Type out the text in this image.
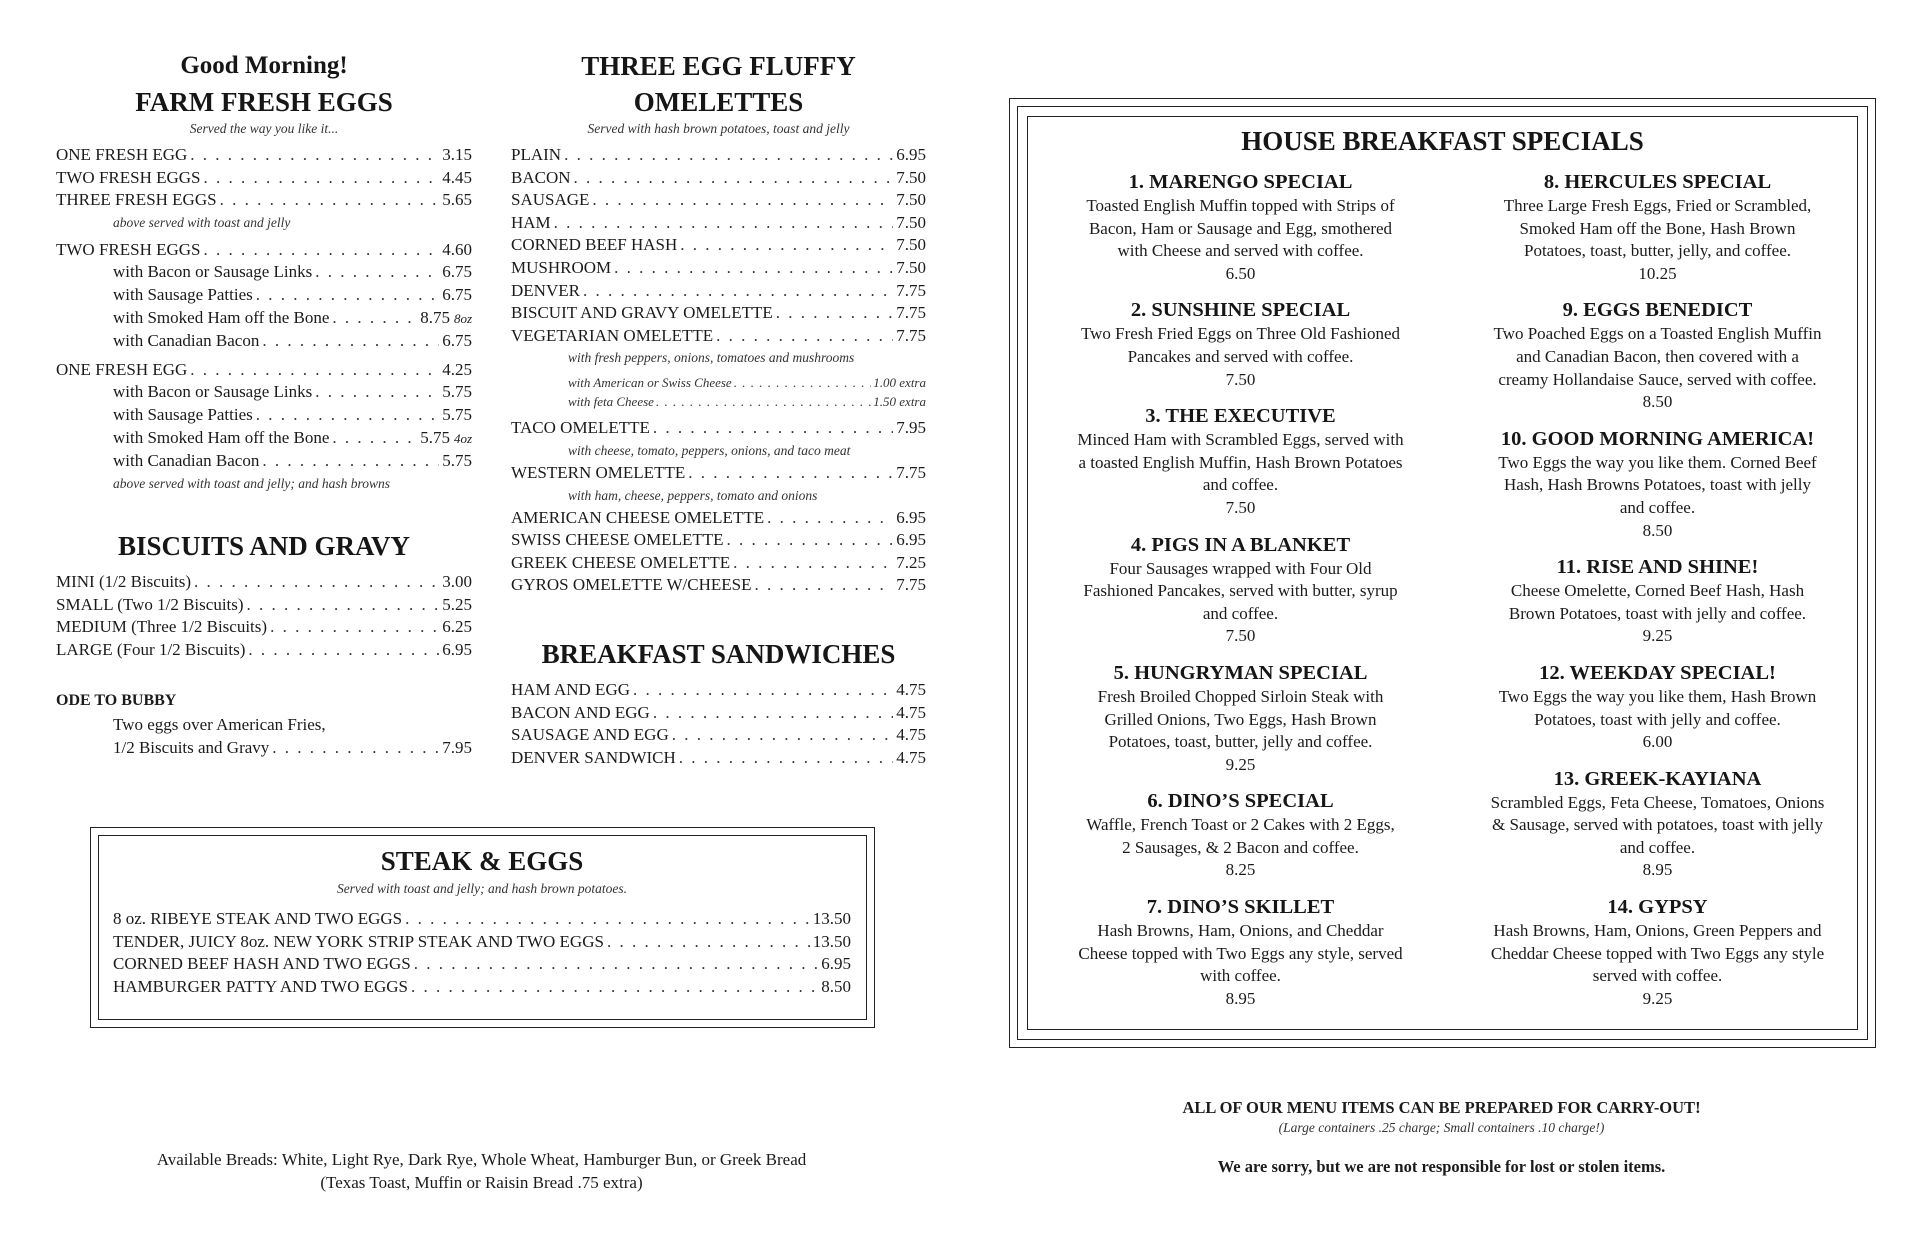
Good Morning!
FARM FRESH EGGS
Served the way you like it...
ONE FRESH EGG . . .	3.15
TWO FRESH EGGS . . .	4.45
THREE FRESH EGGS . . .	5.65
above served with toast and jelly
TWO FRESH EGGS . . .	4.60
with Bacon or Sausage Links . . .	6.75
with Sausage Patties . . .	6.75
with Smoked Ham off the Bone . . .	8.75 8oz
with Canadian Bacon . . .	6.75
ONE FRESH EGG . . .	4.25
with Bacon or Sausage Links . . .	5.75
with Sausage Patties . . .	5.75
with Smoked Ham off the Bone . . .	5.75 4oz
with Canadian Bacon . . .	5.75
above served with toast and jelly; and hash browns
BISCUITS AND GRAVY
MINI (1/2 Biscuits) . . .	3.00
SMALL (Two 1/2 Biscuits) . . .	5.25
MEDIUM (Three 1/2 Biscuits) . . .	6.25
LARGE (Four 1/2 Biscuits) . . .	6.95
ODE TO BUBBY
Two eggs over American Fries,
1/2 Biscuits and Gravy . . .	7.95
THREE EGG FLUFFY
OMELETTES
Served with hash brown potatoes, toast and jelly
PLAIN . . .	6.95
BACON . . .	7.50
SAUSAGE . . .	7.50
HAM . . .	7.50
CORNED BEEF HASH . . .	7.50
MUSHROOM . . .	7.50
DENVER . . .	7.75
BISCUIT AND GRAVY OMELETTE . . .	7.75
VEGETARIAN OMELETTE . . .	7.75
with fresh peppers, onions, tomatoes and mushrooms
with American or Swiss Cheese . . .	1.00 extra
with feta Cheese . . .	1.50 extra
TACO OMELETTE . . .	7.95
with cheese, tomato, peppers, onions, and taco meat
WESTERN OMELETTE . . .	7.75
with ham, cheese, peppers, tomato and onions
AMERICAN CHEESE OMELETTE . . .	6.95
SWISS CHEESE OMELETTE . . .	6.95
GREEK CHEESE OMELETTE . . .	7.25
GYROS OMELETTE W/CHEESE . . .	7.75
BREAKFAST SANDWICHES
HAM AND EGG . . .	4.75
BACON AND EGG . . .	4.75
SAUSAGE AND EGG . . .	4.75
DENVER SANDWICH . . .	4.75
STEAK & EGGS
Served with toast and jelly; and hash brown potatoes.
8 oz. RIBEYE STEAK AND TWO EGGS . . .	13.50
TENDER, JUICY 8oz. NEW YORK STRIP STEAK AND TWO EGGS . . .	13.50
CORNED BEEF HASH AND TWO EGGS . . .	6.95
HAMBURGER PATTY AND TWO EGGS . . .	8.50
Available Breads: White, Light Rye, Dark Rye, Whole Wheat, Hamburger Bun, or Greek Bread
(Texas Toast, Muffin or Raisin Bread .75 extra)
HOUSE BREAKFAST SPECIALS
1. MARENGO SPECIAL
Toasted English Muffin topped with Strips of
Bacon, Ham or Sausage and Egg, smothered
with Cheese and served with coffee.
6.50
2. SUNSHINE SPECIAL
Two Fresh Fried Eggs on Three Old Fashioned
Pancakes and served with coffee.
7.50
3. THE EXECUTIVE
Minced Ham with Scrambled Eggs, served with
a toasted English Muffin, Hash Brown Potatoes
and coffee.
7.50
4. PIGS IN A BLANKET
Four Sausages wrapped with Four Old
Fashioned Pancakes, served with butter, syrup
and coffee.
7.50
5. HUNGRYMAN SPECIAL
Fresh Broiled Chopped Sirloin Steak with
Grilled Onions, Two Eggs, Hash Brown
Potatoes, toast, butter, jelly and coffee.
9.25
6. DINO’S SPECIAL
Waffle, French Toast or 2 Cakes with 2 Eggs,
2 Sausages, & 2 Bacon and coffee.
8.25
7. DINO’S SKILLET
Hash Browns, Ham, Onions, and Cheddar
Cheese topped with Two Eggs any style, served
with coffee.
8.95
8. HERCULES SPECIAL
Three Large Fresh Eggs, Fried or Scrambled,
Smoked Ham off the Bone, Hash Brown
Potatoes, toast, butter, jelly, and coffee.
10.25
9. EGGS BENEDICT
Two Poached Eggs on a Toasted English Muffin
and Canadian Bacon, then covered with a
creamy Hollandaise Sauce, served with coffee.
8.50
10. GOOD MORNING AMERICA!
Two Eggs the way you like them. Corned Beef
Hash, Hash Browns Potatoes, toast with jelly
and coffee.
8.50
11. RISE AND SHINE!
Cheese Omelette, Corned Beef Hash, Hash
Brown Potatoes, toast with jelly and coffee.
9.25
12. WEEKDAY SPECIAL!
Two Eggs the way you like them, Hash Brown
Potatoes, toast with jelly and coffee.
6.00
13. GREEK-KAYIANA
Scrambled Eggs, Feta Cheese, Tomatoes, Onions
& Sausage, served with potatoes, toast with jelly
and coffee.
8.95
14. GYPSY
Hash Browns, Ham, Onions, Green Peppers and
Cheddar Cheese topped with Two Eggs any style
served with coffee.
9.25
ALL OF OUR MENU ITEMS CAN BE PREPARED FOR CARRY-OUT!
(Large containers .25 charge; Small containers .10 charge!)
We are sorry, but we are not responsible for lost or stolen items.
